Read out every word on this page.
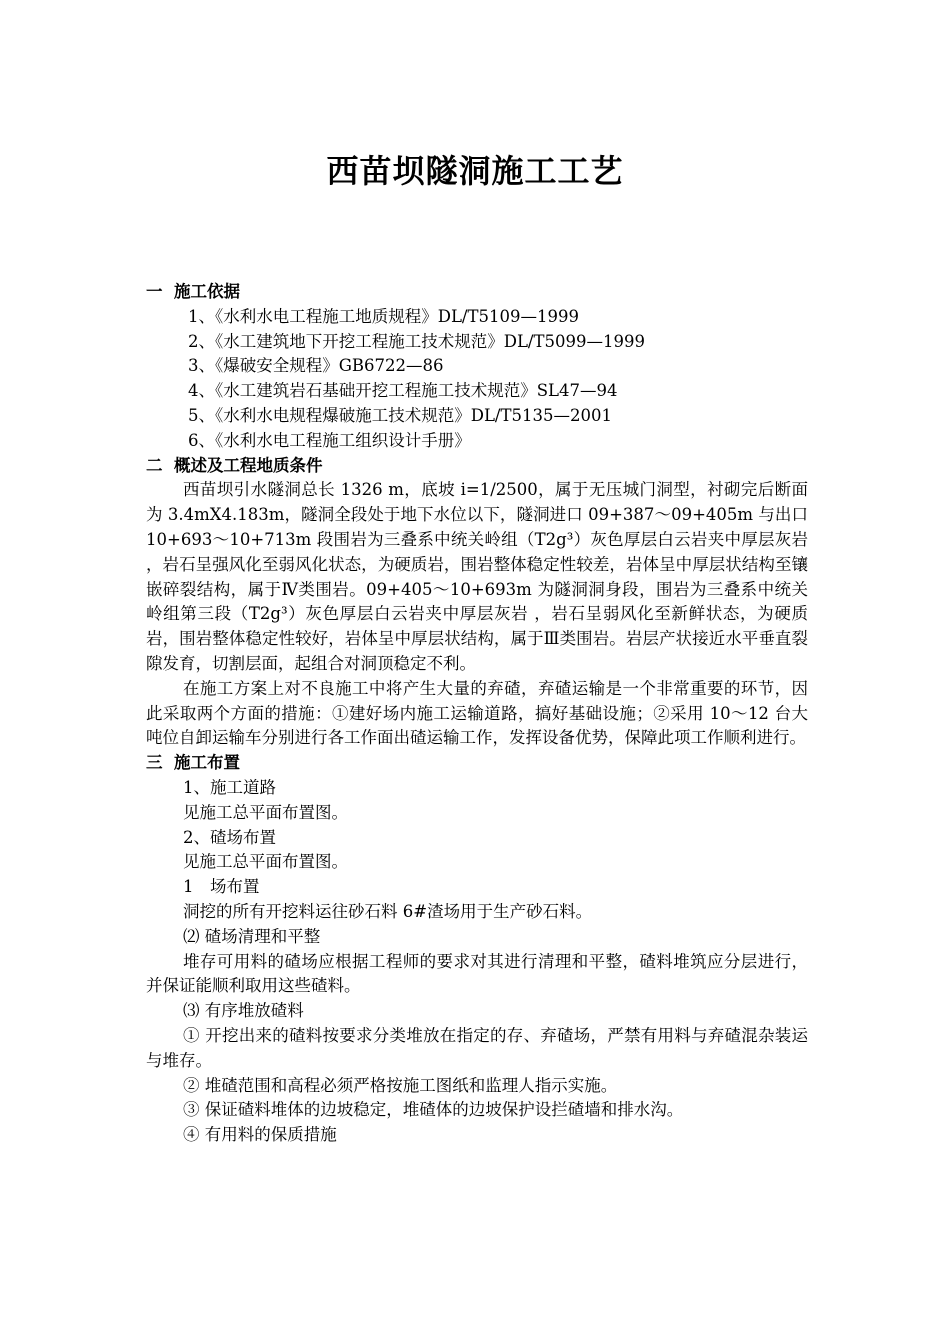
西苗坝隧洞施工工艺
一 施工依据
1、《水利水电工程施工地质规程》DL/T5109—1999
2、《水工建筑地下开挖工程施工技术规范》DL/T5099—1999
3、《爆破安全规程》GB6722—86
4、《水工建筑岩石基础开挖工程施工技术规范》SL47—94
5、《水利水电规程爆破施工技术规范》DL/T5135—2001
6、《水利水电工程施工组织设计手册》
二 概述及工程地质条件
西苗坝引水隧洞总长 1326 m，底坡 i=1/2500，属于无压城门洞型，衬砌完后断面为 3.4mX4.183m，隧洞全段处于地下水位以下，隧洞进口 09+387～09+405m 与出口 10+693～10+713m 段围岩为三叠系中统关岭组（T2g³）灰色厚层白云岩夹中厚层灰岩 ，岩石呈强风化至弱风化状态，为硬质岩，围岩整体稳定性较差，岩体呈中厚层状结构至镶嵌碎裂结构，属于Ⅳ类围岩。09+405～10+693m 为隧洞洞身段，围岩为三叠系中统关岭组第三段（T2g³）灰色厚层白云岩夹中厚层灰岩 ，岩石呈弱风化至新鲜状态，为硬质岩，围岩整体稳定性较好，岩体呈中厚层状结构，属于Ⅲ类围岩。岩层产状接近水平垂直裂隙发育，切割层面，起组合对洞顶稳定不利。
在施工方案上对不良施工中将产生大量的弃碴，弃碴运输是一个非常重要的环节，因此采取两个方面的措施：①建好场内施工运输道路，搞好基础设施；②采用 10～12 台大吨位自卸运输车分别进行各工作面出碴运输工作，发挥设备优势，保障此项工作顺利进行。
三 施工布置
1、施工道路
见施工总平面布置图。
2、碴场布置
见施工总平面布置图。
1　场布置
洞挖的所有开挖料运往砂石料 6#渣场用于生产砂石料。
⑵ 碴场清理和平整
堆存可用料的碴场应根据工程师的要求对其进行清理和平整，碴料堆筑应分层进行，并保证能顺利取用这些碴料。
⑶ 有序堆放碴料
① 开挖出来的碴料按要求分类堆放在指定的存、弃碴场，严禁有用料与弃碴混杂装运与堆存。
② 堆碴范围和高程必须严格按施工图纸和监理人指示实施。
③ 保证碴料堆体的边坡稳定，堆碴体的边坡保护设拦碴墙和排水沟。
④ 有用料的保质措施
